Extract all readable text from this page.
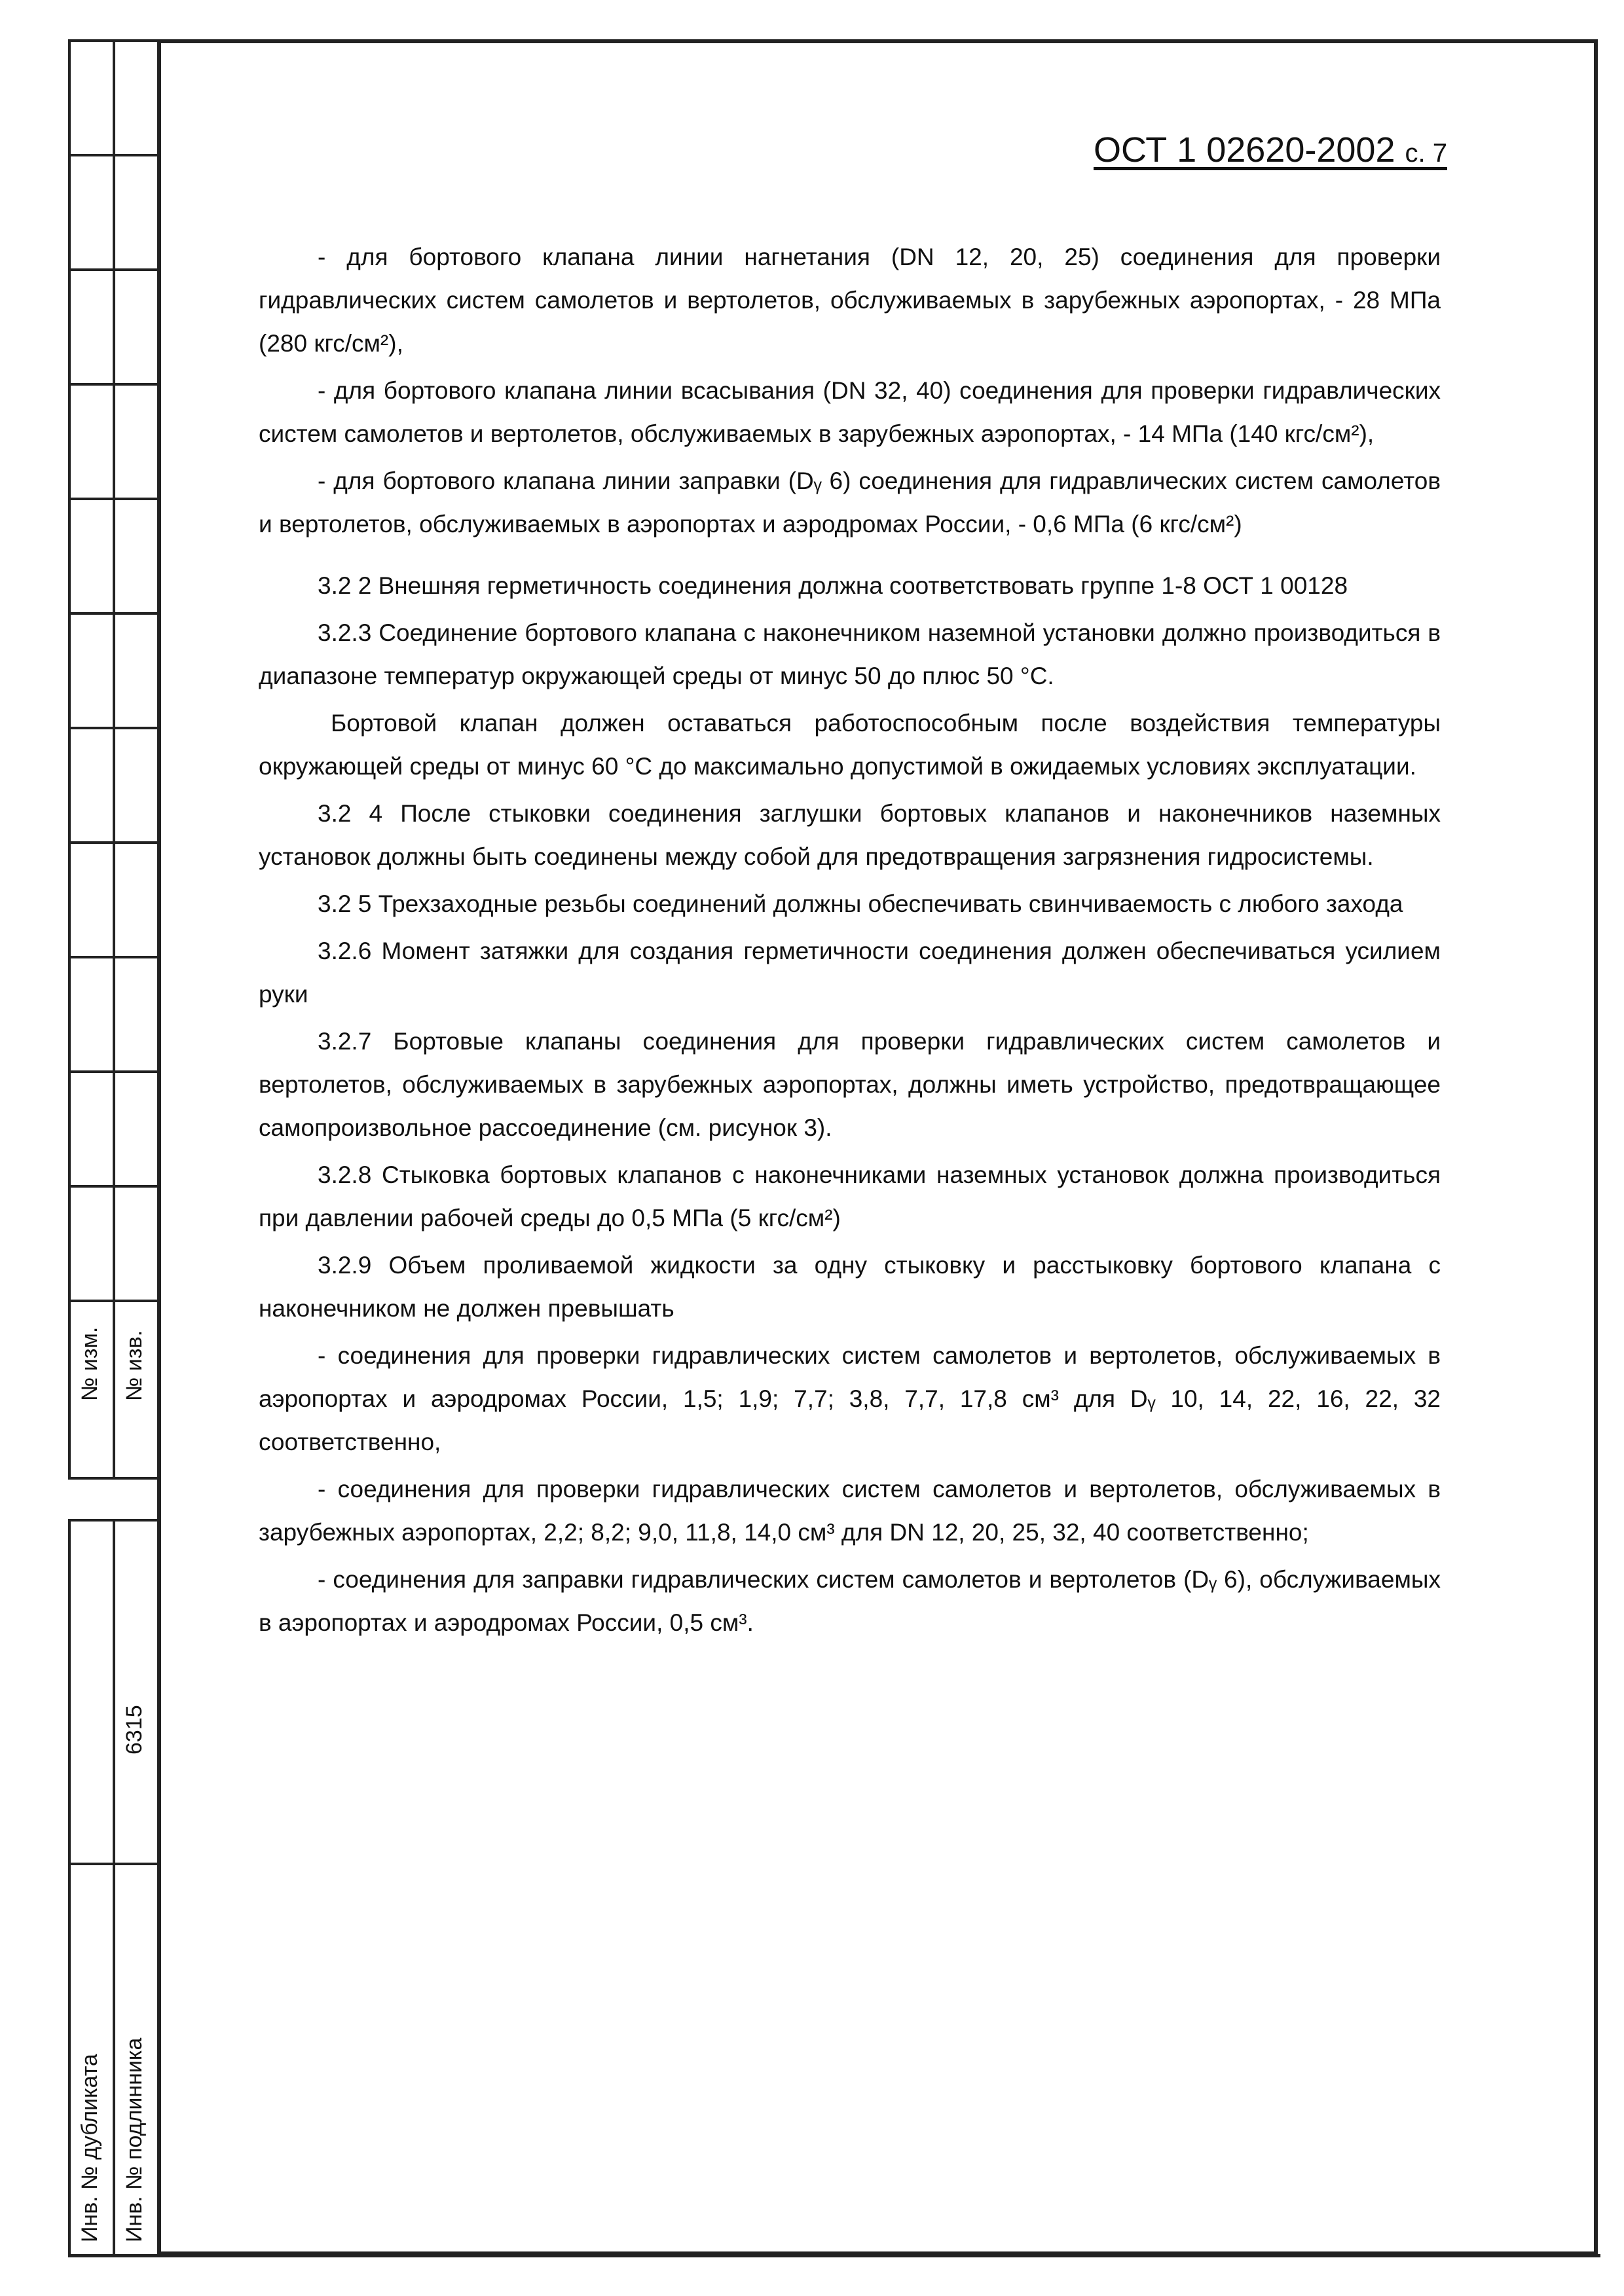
№ изм. № изв.
6315
Инв. № дубликата Инв. № подлинника
ОСТ 1 02620-2002 с. 7

- для бортового клапана линии нагнетания (DN 12, 20, 25) соединения для проверки гидравлических систем самолетов и вертолетов, обслуживаемых в зарубежных аэропортах, - 28 МПа (280 кгс/см²),

- для бортового клапана линии всасывания (DN 32, 40) соединения для проверки гидравлических систем самолетов и вертолетов, обслуживаемых в зарубежных аэропортах, - 14 МПа (140 кгс/см²),

- для бортового клапана линии заправки (Dᵧ 6) соединения для гидравлических систем самолетов и вертолетов, обслуживаемых в аэропортах и аэродромах России, - 0,6 МПа (6 кгс/см²)

3.2 2 Внешняя герметичность соединения должна соответствовать группе 1-8 ОСТ 1 00128

3.2.3 Соединение бортового клапана с наконечником наземной установки должно производиться в диапазоне температур окружающей среды от минус 50 до плюс 50 °С.

Бортовой клапан должен оставаться работоспособным после воздействия температуры окружающей среды от минус 60 °С до максимально допустимой в ожидаемых условиях эксплуатации.

3.2 4 После стыковки соединения заглушки бортовых клапанов и наконечников наземных установок должны быть соединены между собой для предотвращения загрязнения гидросистемы.

3.2 5 Трехзаходные резьбы соединений должны обеспечивать свинчиваемость с любого захода

3.2.6 Момент затяжки для создания герметичности соединения должен обеспечиваться усилием руки

3.2.7 Бортовые клапаны соединения для проверки гидравлических систем самолетов и вертолетов, обслуживаемых в зарубежных аэропортах, должны иметь устройство, предотвращающее самопроизвольное рассоединение (см. рисунок 3).

3.2.8 Стыковка бортовых клапанов с наконечниками наземных установок должна производиться при давлении рабочей среды до 0,5 МПа (5 кгс/см²)

3.2.9 Объем проливаемой жидкости за одну стыковку и расстыковку бортового клапана с наконечником не должен превышать

- соединения для проверки гидравлических систем самолетов и вертолетов, обслуживаемых в аэропортах и аэродромах России, 1,5; 1,9; 7,7; 3,8, 7,7, 17,8 см³ для Dᵧ 10, 14, 22, 16, 22, 32 соответственно,

- соединения для проверки гидравлических систем самолетов и вертолетов, обслуживаемых в зарубежных аэропортах, 2,2; 8,2; 9,0, 11,8, 14,0 см³ для DN 12, 20, 25, 32, 40 соответственно;

- соединения для заправки гидравлических систем самолетов и вертолетов (Dᵧ 6), обслуживаемых в аэропортах и аэродромах России, 0,5 см³.
